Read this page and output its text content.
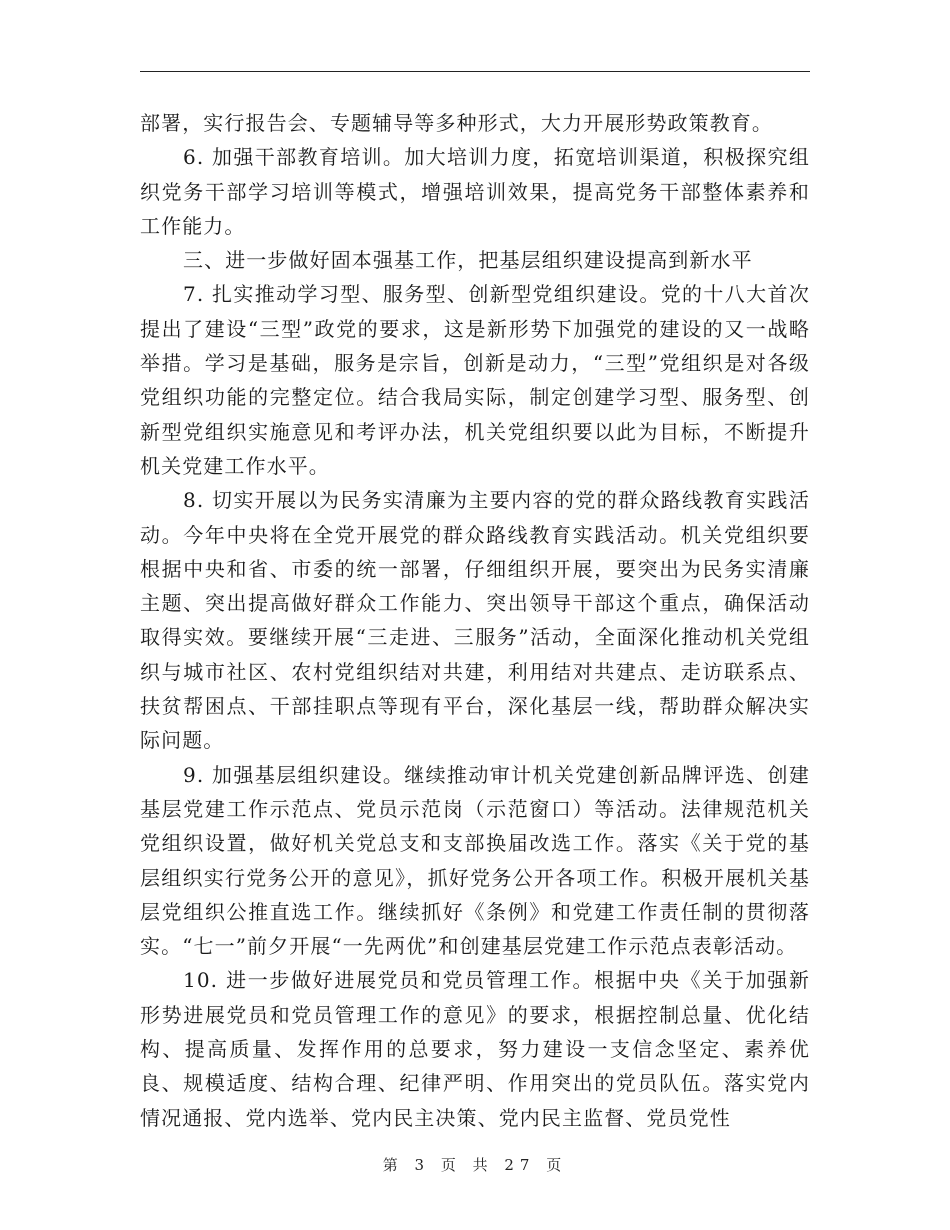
部署，实行报告会、专题辅导等多种形式，大力开展形势政策教育。

6. 加强干部教育培训。加大培训力度，拓宽培训渠道，积极探究组织党务干部学习培训等模式，增强培训效果，提高党务干部整体素养和工作能力。

三、进一步做好固本强基工作，把基层组织建设提高到新水平

7. 扎实推动学习型、服务型、创新型党组织建设。党的十八大首次提出了建设“三型”政党的要求，这是新形势下加强党的建设的又一战略举措。学习是基础，服务是宗旨，创新是动力，“三型”党组织是对各级党组织功能的完整定位。结合我局实际，制定创建学习型、服务型、创新型党组织实施意见和考评办法，机关党组织要以此为目标，不断提升机关党建工作水平。

8. 切实开展以为民务实清廉为主要内容的党的群众路线教育实践活动。今年中央将在全党开展党的群众路线教育实践活动。机关党组织要根据中央和省、市委的统一部署，仔细组织开展，要突出为民务实清廉主题、突出提高做好群众工作能力、突出领导干部这个重点，确保活动取得实效。要继续开展“三走进、三服务”活动，全面深化推动机关党组织与城市社区、农村党组织结对共建，利用结对共建点、走访联系点、扶贫帮困点、干部挂职点等现有平台，深化基层一线，帮助群众解决实际问题。

9. 加强基层组织建设。继续推动审计机关党建创新品牌评选、创建基层党建工作示范点、党员示范岗（示范窗口）等活动。法律规范机关党组织设置，做好机关党总支和支部换届改选工作。落实《关于党的基层组织实行党务公开的意见》，抓好党务公开各项工作。积极开展机关基层党组织公推直选工作。继续抓好《条例》和党建工作责任制的贯彻落实。“七一”前夕开展“一先两优”和创建基层党建工作示范点表彰活动。

10. 进一步做好进展党员和党员管理工作。根据中央《关于加强新形势进展党员和党员管理工作的意见》的要求，根据控制总量、优化结构、提高质量、发挥作用的总要求，努力建设一支信念坚定、素养优良、规模适度、结构合理、纪律严明、作用突出的党员队伍。落实党内情况通报、党内选举、党内民主决策、党内民主监督、党员党性

第 3 页 共 27 页
